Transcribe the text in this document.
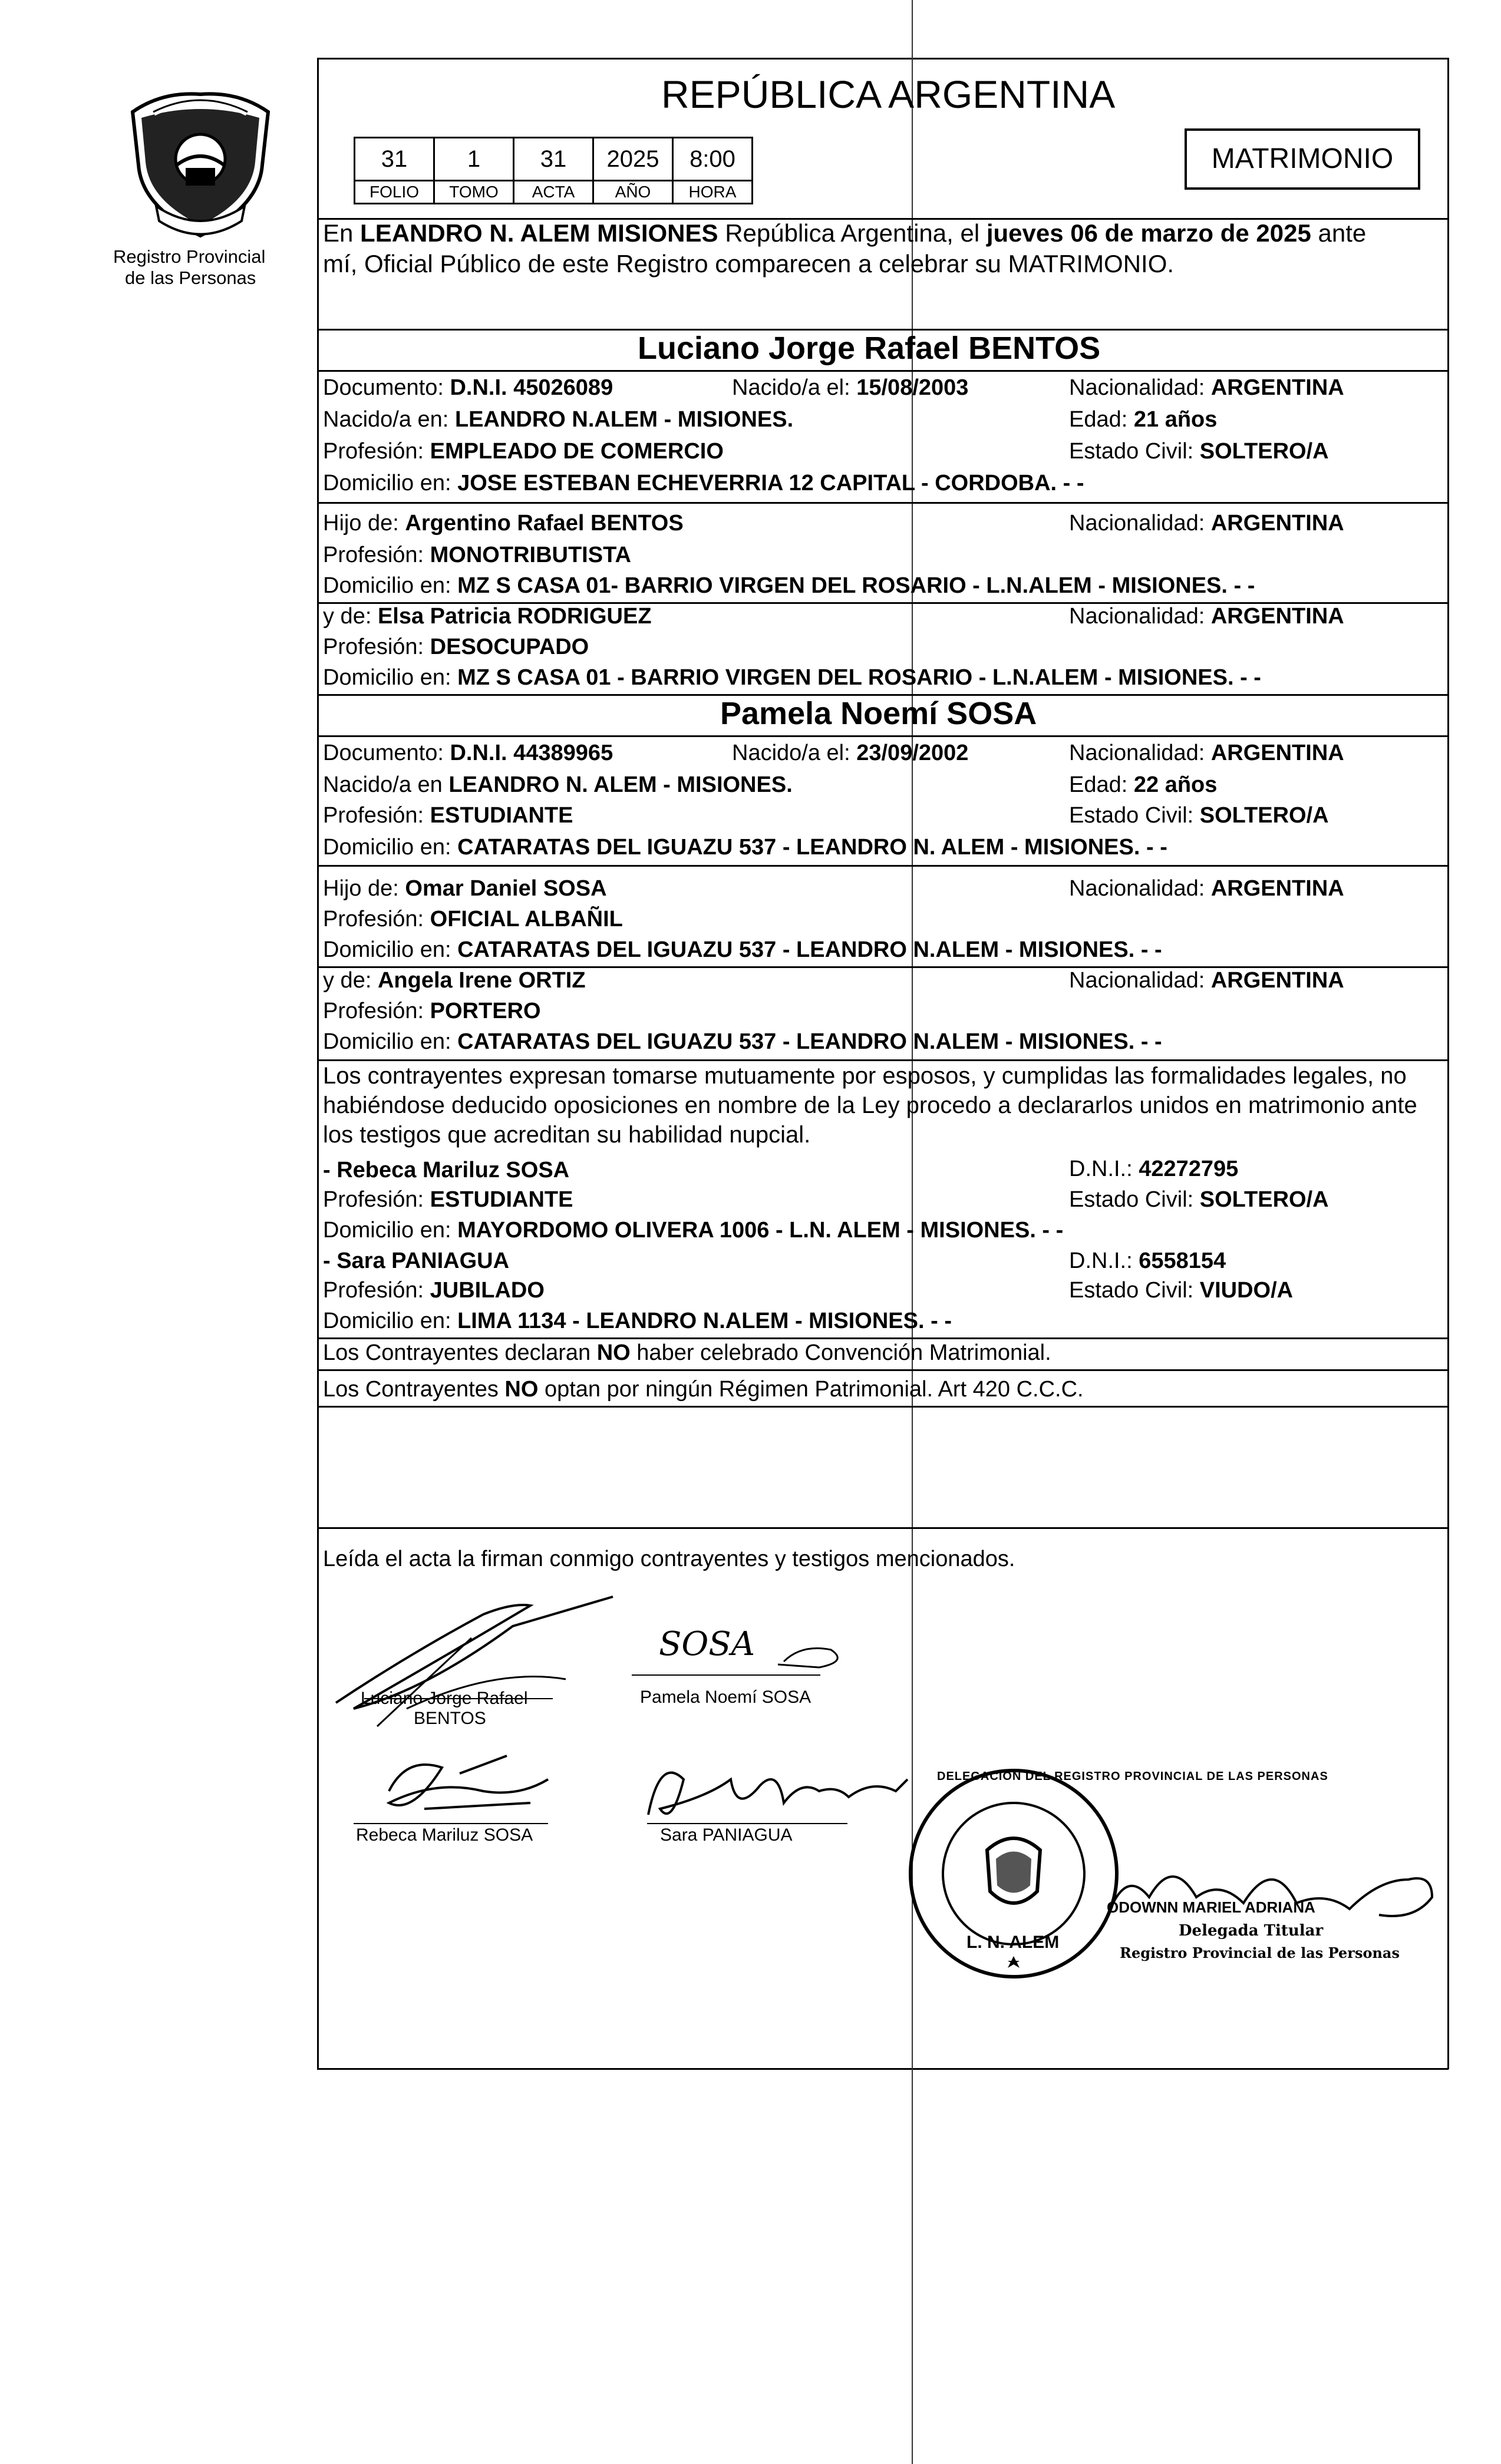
Registro Provincial
de las Personas
REPÚBLICA ARGENTINA
31	1	31	2025	8:00
FOLIO	TOMO	ACTA	AÑO	HORA
MATRIMONIO
En LEANDRO N. ALEM MISIONES República Argentina, el jueves 06 de marzo de 2025 ante
mí, Oficial Público de este Registro comparecen a celebrar su MATRIMONIO.
Luciano Jorge Rafael BENTOS
Documento: D.N.I. 45026089	Nacido/a el: 15/08/2003	Nacionalidad: ARGENTINA
Nacido/a en: LEANDRO N.ALEM - MISIONES.	Edad: 21 años
Profesión: EMPLEADO DE COMERCIO	Estado Civil: SOLTERO/A
Domicilio en: JOSE ESTEBAN ECHEVERRIA 12 CAPITAL - CORDOBA. - -
Hijo de: Argentino Rafael BENTOS	Nacionalidad: ARGENTINA
Profesión: MONOTRIBUTISTA
Domicilio en: MZ S CASA 01- BARRIO VIRGEN DEL ROSARIO - L.N.ALEM - MISIONES. - -
y de: Elsa Patricia RODRIGUEZ	Nacionalidad: ARGENTINA
Profesión: DESOCUPADO
Domicilio en: MZ S CASA 01 - BARRIO VIRGEN DEL ROSARIO - L.N.ALEM - MISIONES. - -
Pamela Noemí SOSA
Documento: D.N.I. 44389965	Nacido/a el: 23/09/2002	Nacionalidad: ARGENTINA
Nacido/a en LEANDRO N. ALEM - MISIONES.	Edad: 22 años
Profesión: ESTUDIANTE	Estado Civil: SOLTERO/A
Domicilio en: CATARATAS DEL IGUAZU 537 - LEANDRO N. ALEM - MISIONES. - -
Hijo de: Omar Daniel SOSA	Nacionalidad: ARGENTINA
Profesión: OFICIAL ALBAÑIL
Domicilio en: CATARATAS DEL IGUAZU 537 - LEANDRO N.ALEM - MISIONES. - -
y de: Angela Irene ORTIZ	Nacionalidad: ARGENTINA
Profesión: PORTERO
Domicilio en: CATARATAS DEL IGUAZU 537 - LEANDRO N.ALEM - MISIONES. - -
Los contrayentes expresan tomarse mutuamente por esposos, y cumplidas las formalidades legales, no
habiéndose deducido oposiciones en nombre de la Ley procedo a declararlos unidos en matrimonio ante
los testigos que acreditan su habilidad nupcial.
- Rebeca Mariluz SOSA	D.N.I.: 42272795
Profesión: ESTUDIANTE	Estado Civil: SOLTERO/A
Domicilio en: MAYORDOMO OLIVERA 1006 - L.N. ALEM - MISIONES. - -
- Sara PANIAGUA	D.N.I.: 6558154
Profesión: JUBILADO	Estado Civil: VIUDO/A
Domicilio en: LIMA 1134 - LEANDRO N.ALEM - MISIONES. - -
Los Contrayentes declaran NO haber celebrado Convención Matrimonial.
Los Contrayentes NO optan por ningún Régimen Patrimonial. Art 420 C.C.C.
Leída el acta la firman conmigo contrayentes y testigos mencionados.
Luciano Jorge Rafael
BENTOS
SOSA
Pamela Noemí SOSA
Rebeca Mariluz SOSA	Sara PANIAGUA
DELEGACIÓN DEL REGISTRO PROVINCIAL DE LAS PERSONAS
L. N. ALEM
ODOWNN MARIEL ADRIANA
Delegada Titular
Registro Provincial de las Personas
